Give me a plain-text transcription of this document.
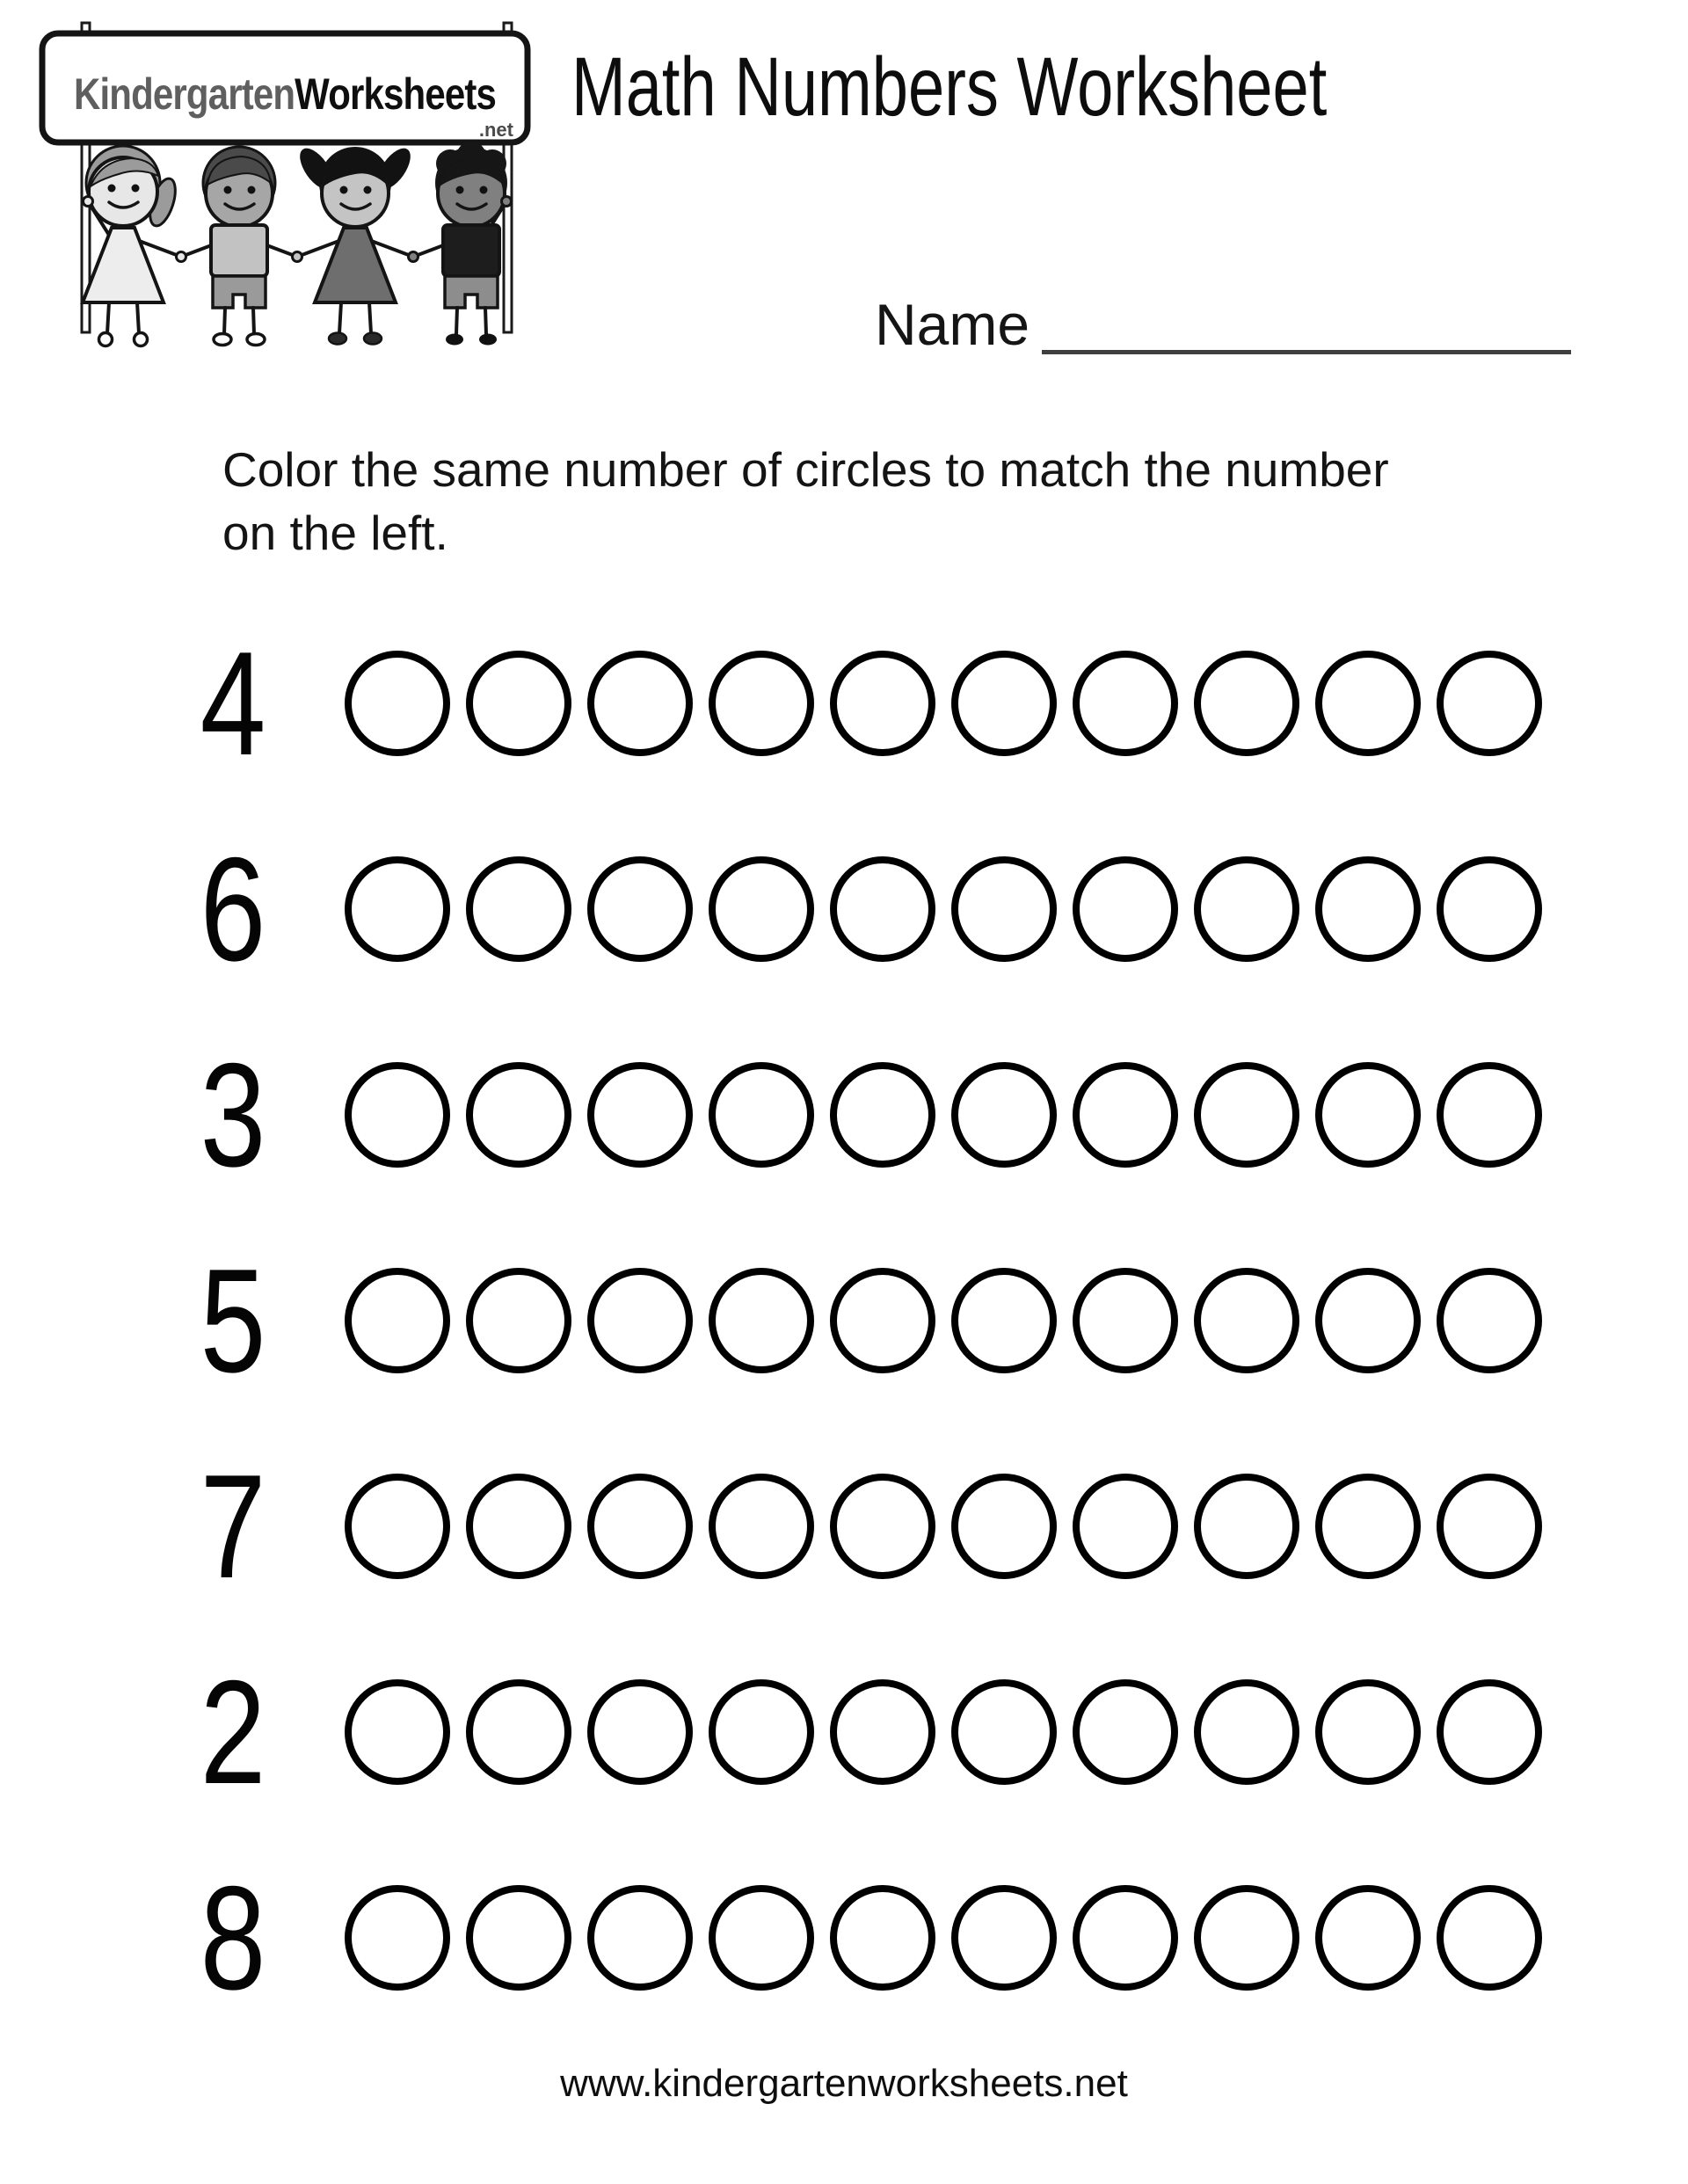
KindergartenWorksheets
.net Math Numbers Worksheet
Name
Color the same number of circles to match the number
on the left.
4
6
3
5
7
2
8
www.kindergartenworksheets.net
